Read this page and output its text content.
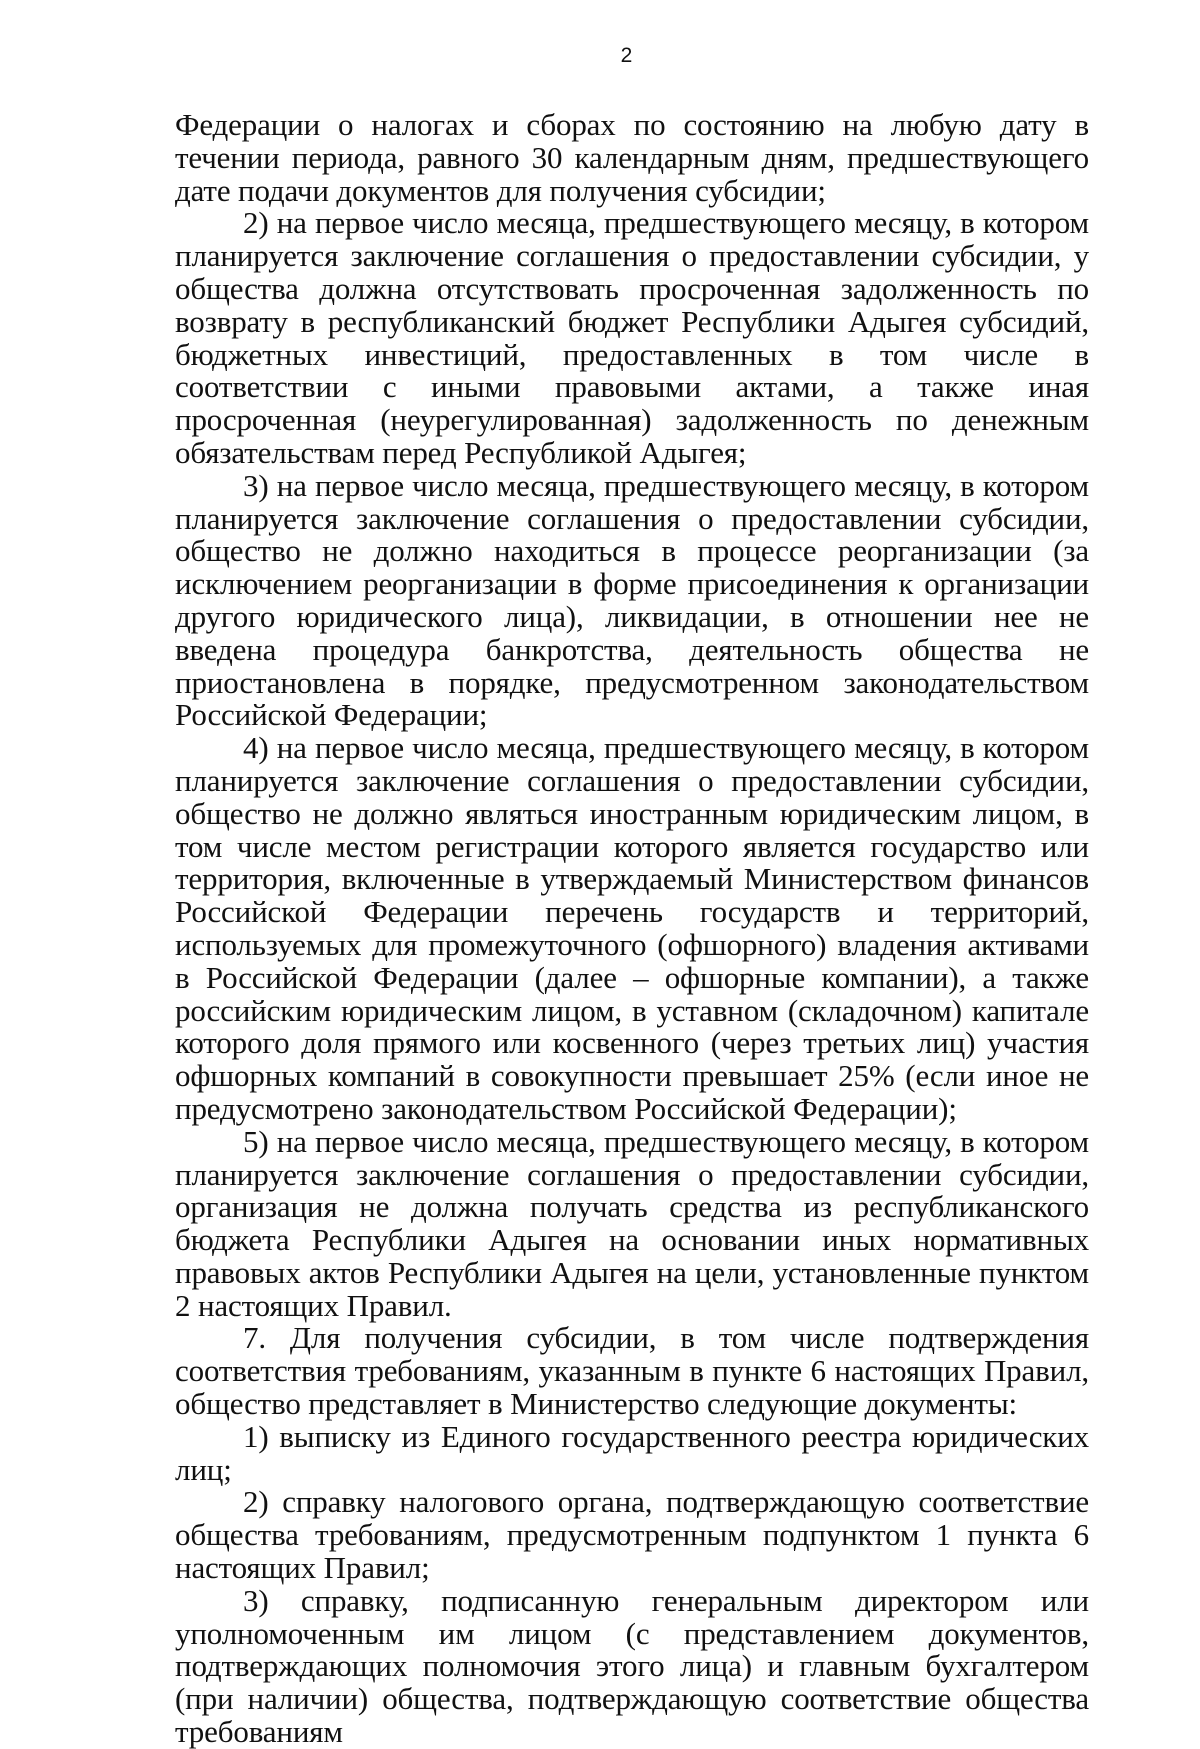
2

Федерации о налогах и сборах по состоянию на любую дату в течении периода, равного 30 календарным дням, предшествующего дате подачи документов для получения субсидии;

2) на первое число месяца, предшествующего месяцу, в котором планируется заключение соглашения о предоставлении субсидии, у общества должна отсутствовать просроченная задолженность по возврату в республиканский бюджет Республики Адыгея субсидий, бюджетных инвестиций, предоставленных в том числе в соответствии с иными правовыми актами, а также иная просроченная (неурегулированная) задолженность по денежным обязательствам перед Республикой Адыгея;

3) на первое число месяца, предшествующего месяцу, в котором планируется заключение соглашения о предоставлении субсидии, общество не должно находиться в процессе реорганизации (за исключением реорганизации в форме присоединения к организации другого юридического лица), ликвидации, в отношении нее не введена процедура банкротства, деятельность общества не приостановлена в порядке, предусмотренном законодательством Российской Федерации;

4) на первое число месяца, предшествующего месяцу, в котором планируется заключение соглашения о предоставлении субсидии, общество не должно являться иностранным юридическим лицом, в том числе местом регистрации которого является государство или территория, включенные в утверждаемый Министерством финансов Российской Федерации перечень государств и территорий, используемых для промежуточного (офшорного) владения активами в Российской Федерации (далее – офшорные компании), а также российским юридическим лицом, в уставном (складочном) капитале которого доля прямого или косвенного (через третьих лиц) участия офшорных компаний в совокупности превышает 25% (если иное не предусмотрено законодательством Российской Федерации);

5) на первое число месяца, предшествующего месяцу, в котором планируется заключение соглашения о предоставлении субсидии, организация не должна получать средства из республиканского бюджета Республики Адыгея на основании иных нормативных правовых актов Республики Адыгея на цели, установленные пунктом 2 настоящих Правил.

7. Для получения субсидии, в том числе подтверждения соответствия требованиям, указанным в пункте 6 настоящих Правил, общество представляет в Министерство следующие документы:

1) выписку из Единого государственного реестра юридических лиц;

2) справку налогового органа, подтверждающую соответствие общества требованиям, предусмотренным подпунктом 1 пункта 6 настоящих Правил;

3) справку, подписанную генеральным директором или уполномоченным им лицом (с представлением документов, подтверждающих полномочия этого лица) и главным бухгалтером (при наличии) общества, подтверждающую соответствие общества требованиям
